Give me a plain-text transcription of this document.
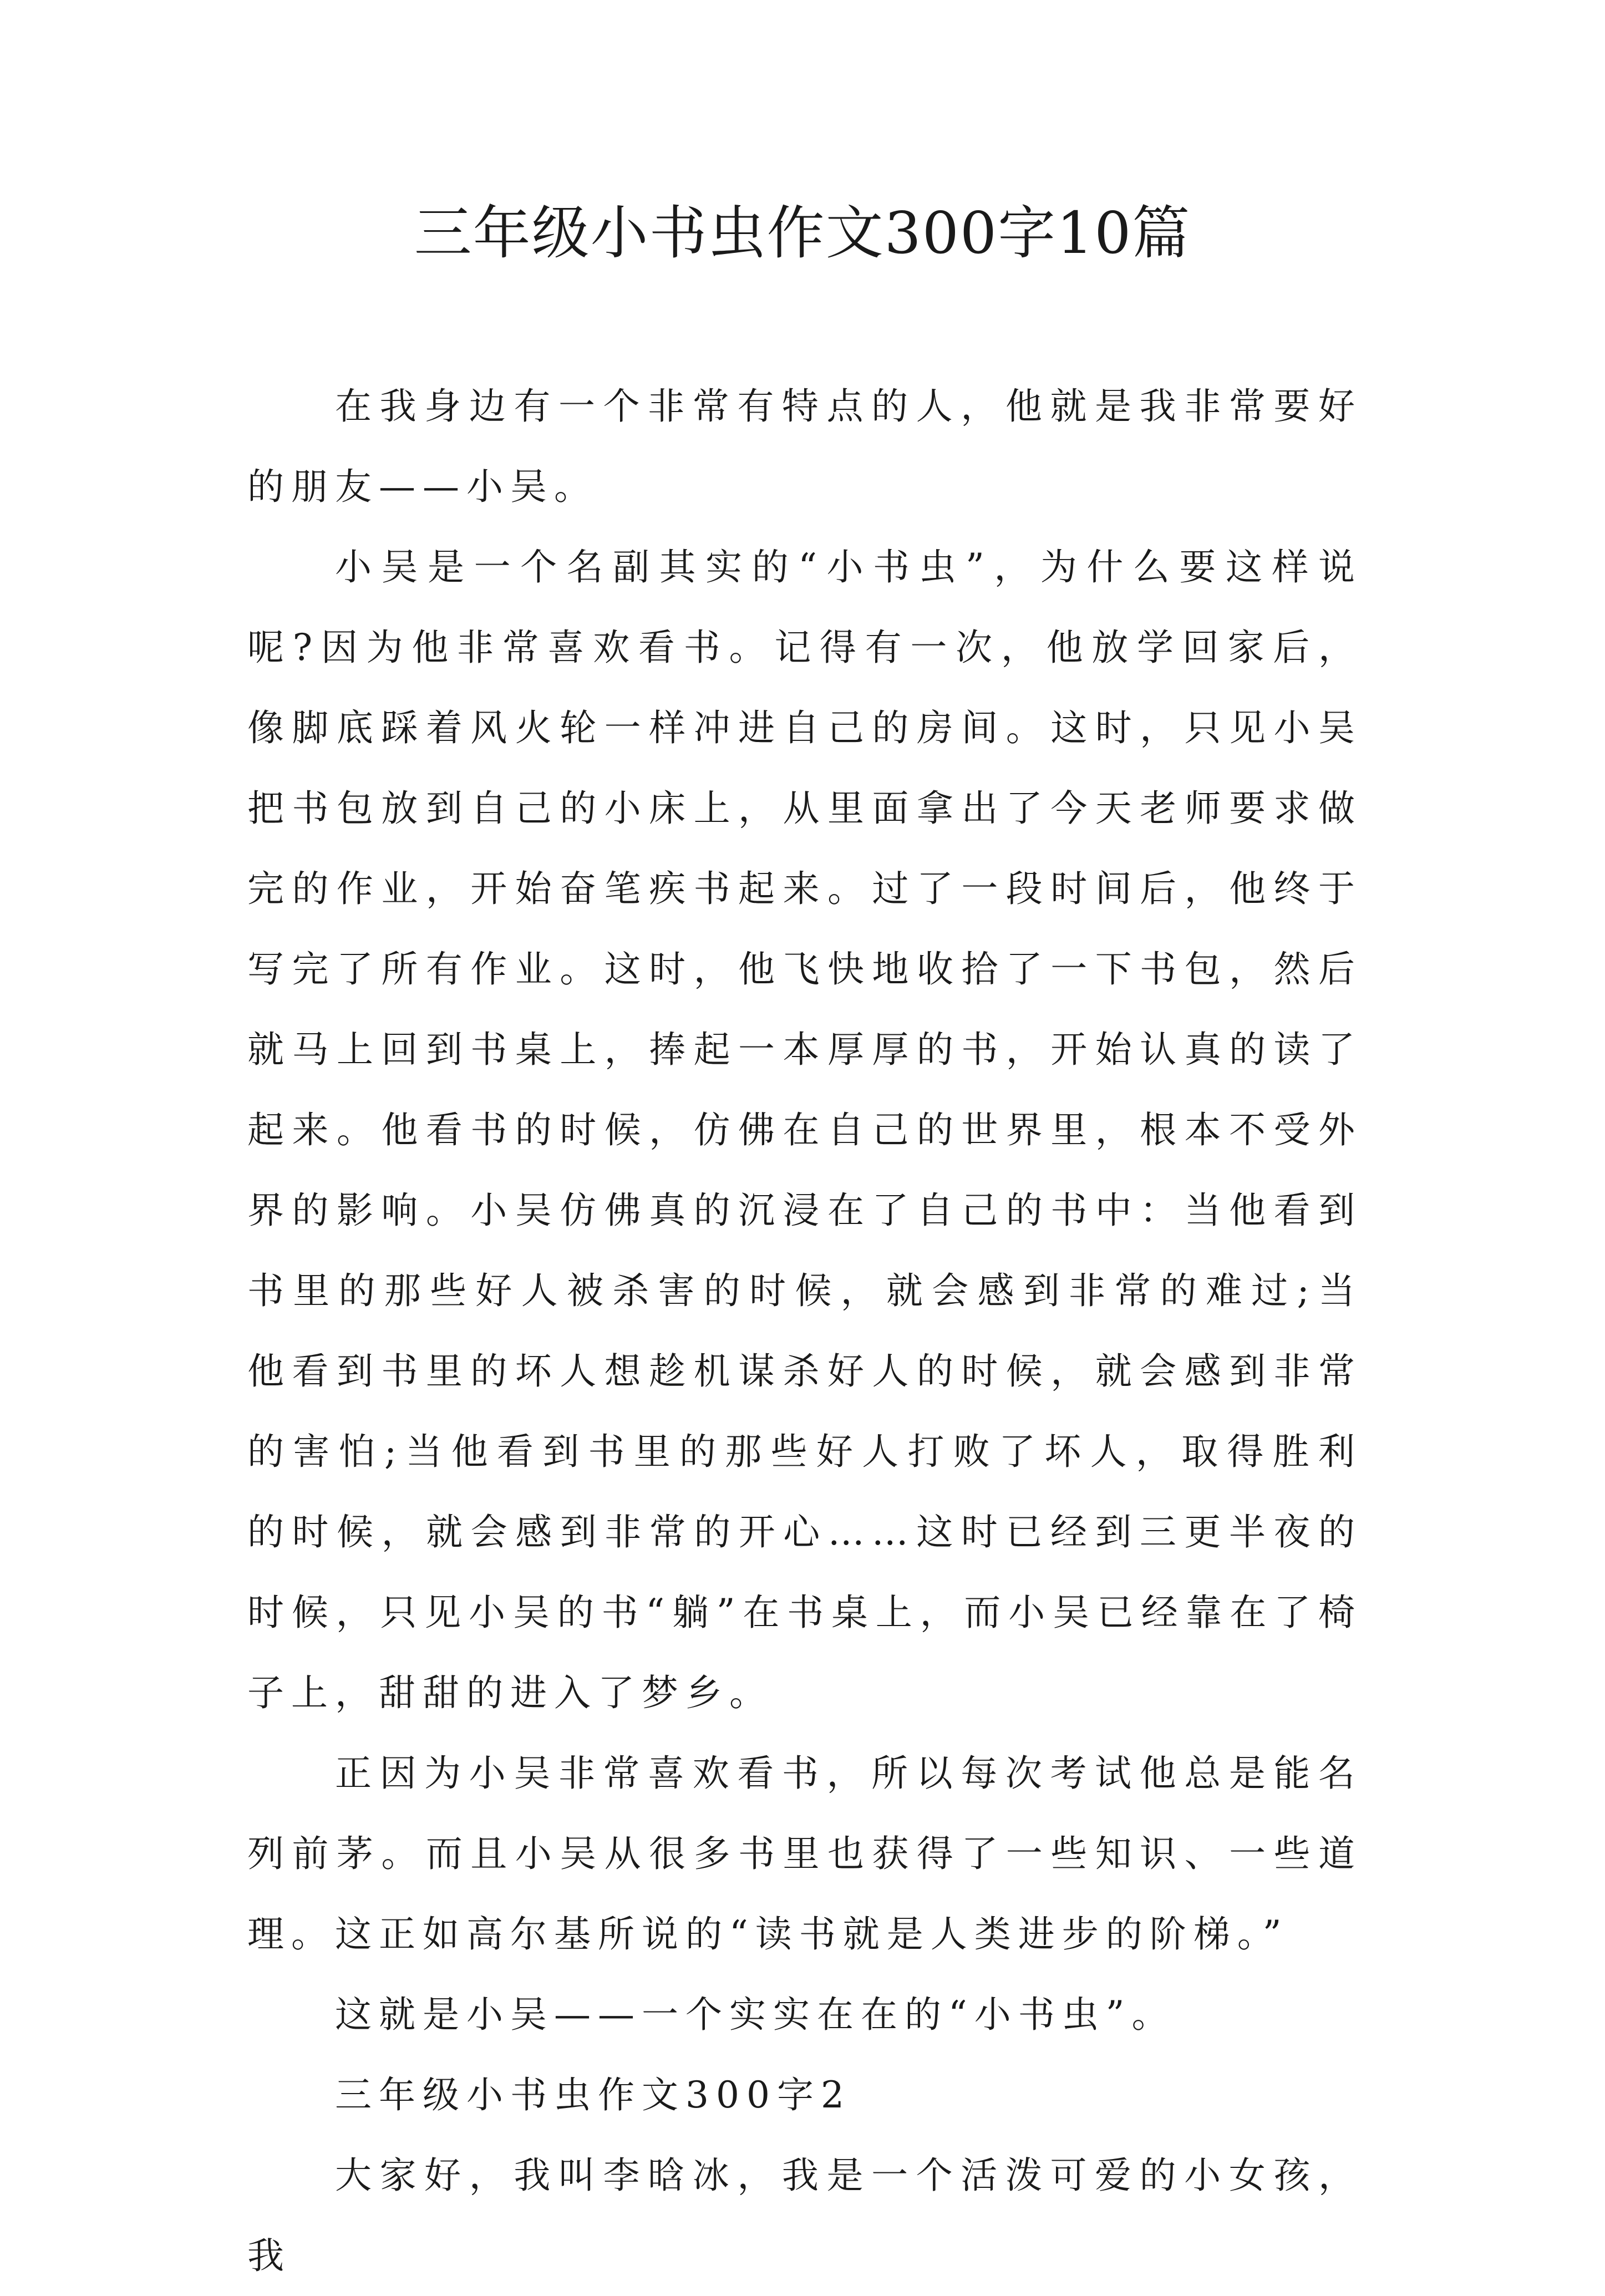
三年级小书虫作文300字10篇

在我身边有一个非常有特点的人，他就是我非常要好的朋友——小吴。

小吴是一个名副其实的“小书虫”，为什么要这样说呢?因为他非常喜欢看书。记得有一次，他放学回家后，像脚底踩着风火轮一样冲进自己的房间。这时，只见小吴把书包放到自己的小床上，从里面拿出了今天老师要求做完的作业，开始奋笔疾书起来。过了一段时间后，他终于写完了所有作业。这时，他飞快地收拾了一下书包，然后就马上回到书桌上，捧起一本厚厚的书，开始认真的读了起来。他看书的时候，仿佛在自己的世界里，根本不受外界的影响。小吴仿佛真的沉浸在了自己的书中：当他看到书里的那些好人被杀害的时候，就会感到非常的难过;当他看到书里的坏人想趁机谋杀好人的时候，就会感到非常的害怕;当他看到书里的那些好人打败了坏人，取得胜利的时候，就会感到非常的开心……这时已经到三更半夜的时候，只见小吴的书“躺”在书桌上，而小吴已经靠在了椅子上，甜甜的进入了梦乡。

正因为小吴非常喜欢看书，所以每次考试他总是能名列前茅。而且小吴从很多书里也获得了一些知识、一些道理。这正如高尔基所说的“读书就是人类进步的阶梯。”

这就是小吴——一个实实在在的“小书虫”。

三年级小书虫作文300字2

大家好，我叫李晗冰，我是一个活泼可爱的小女孩，我
